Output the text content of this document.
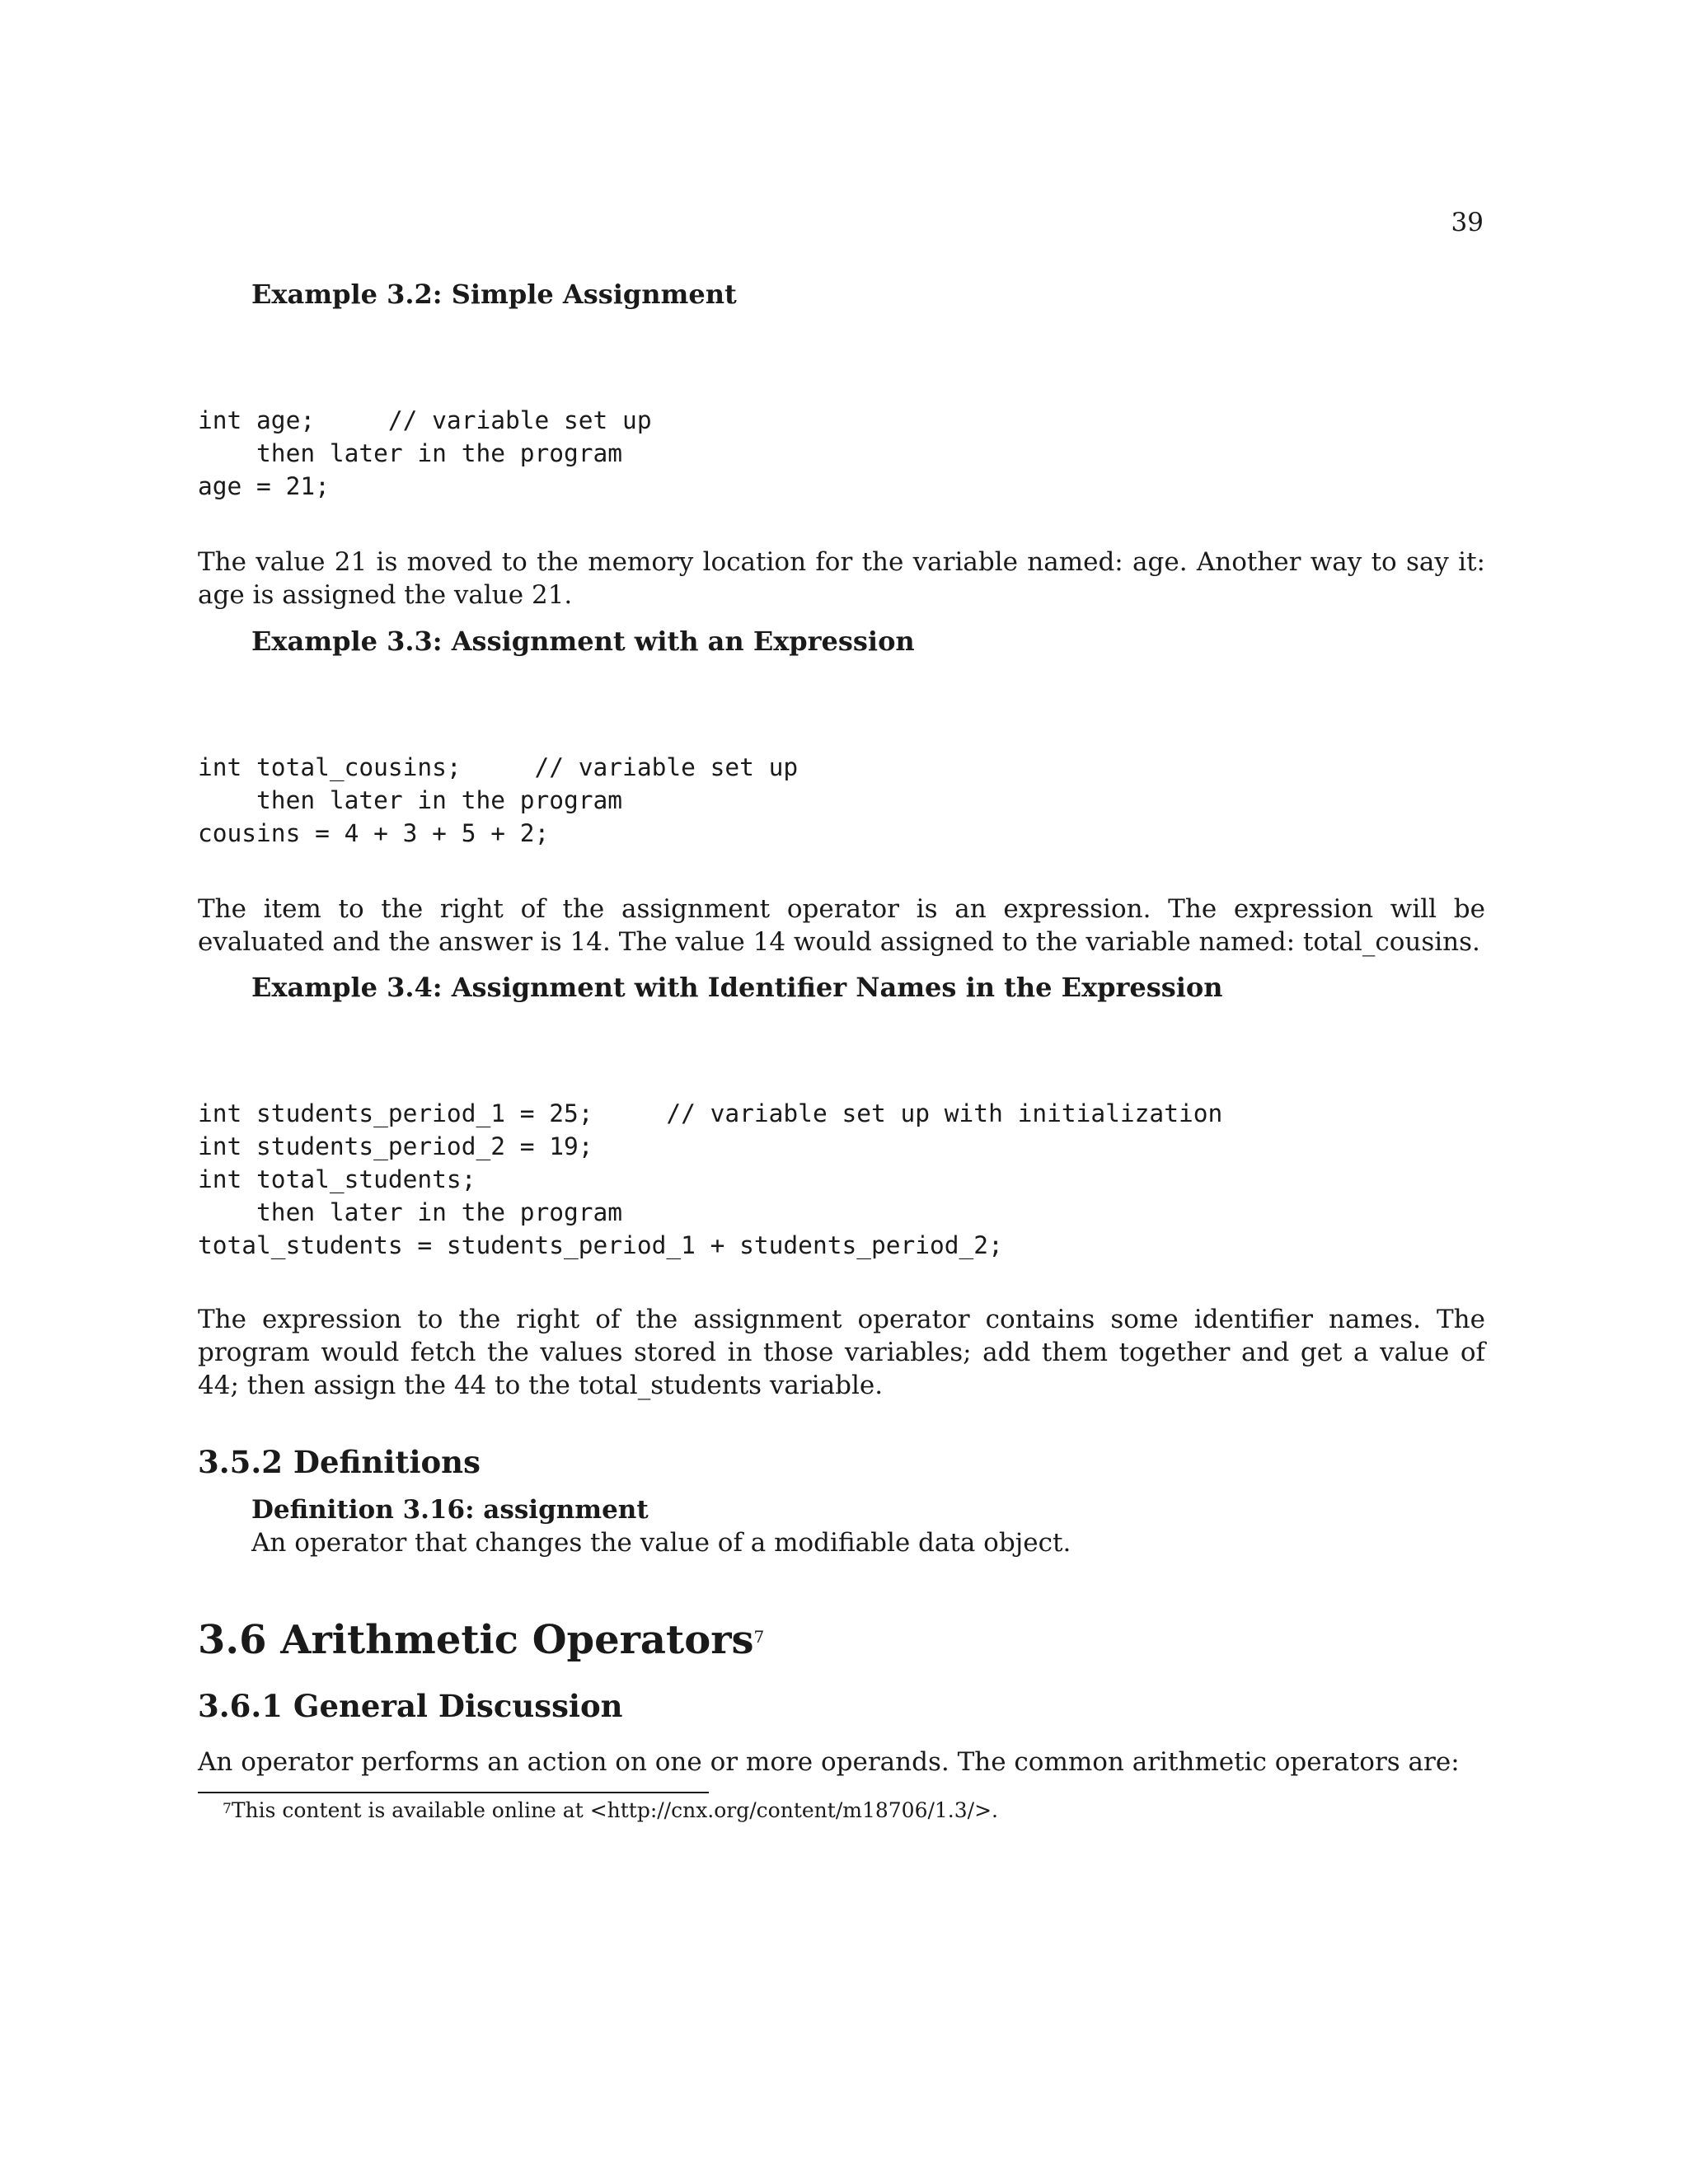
39
Example 3.2: Simple Assignment
int age;     // variable set up
then later in the program
age = 21;
The value 21 is moved to the memory location for the variable named: age. Another way to say it: age is assigned the value 21.
Example 3.3: Assignment with an Expression
int total_cousins;     // variable set up
then later in the program
cousins = 4 + 3 + 5 + 2;
The item to the right of the assignment operator is an expression. The expression will be evaluated and the answer is 14. The value 14 would assigned to the variable named: total_cousins.
Example 3.4: Assignment with Identifier Names in the Expression
int students_period_1 = 25;     // variable set up with initialization
int students_period_2 = 19;
int total_students;
then later in the program
total_students = students_period_1 + students_period_2;
The expression to the right of the assignment operator contains some identifier names. The program would fetch the values stored in those variables; add them together and get a value of 44; then assign the 44 to the total_students variable.
3.5.2 Definitions
Definition 3.16: assignment
An operator that changes the value of a modifiable data object.
3.6 Arithmetic Operators$^7$
3.6.1 General Discussion
An operator performs an action on one or more operands. The common arithmetic operators are:
$^7$This content is available online at <http://cnx.org/content/m18706/1.3/>.
